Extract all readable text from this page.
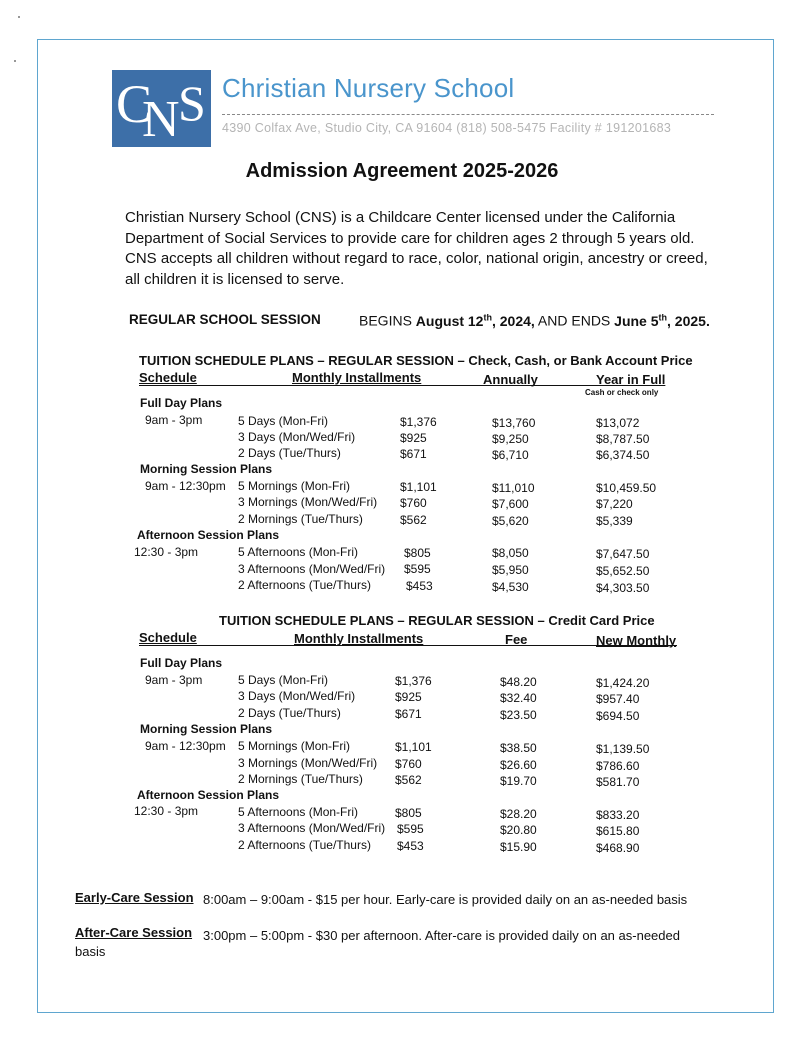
C
N
S Christian Nursery School
4390 Colfax Ave, Studio City, CA 91604 (818) 508-5475 Facility # 191201683
Admission Agreement 2025-2026
Christian Nursery School (CNS) is a Childcare Center licensed under the California Department of Social Services to provide care for children ages 2 through 5 years old. CNS accepts all children without regard to race, color, national origin, ancestry or creed, all children it is licensed to serve.
REGULAR SCHOOL SESSION	BEGINS August 12th, 2024, AND ENDS June 5th, 2025.
TUITION SCHEDULE PLANS – REGULAR SESSION – Check, Cash, or Bank Account Price
Schedule	Monthly Installments	Annually	Year in Full
Cash or check only
Full Day Plans
9am - 3pm	5 Days (Mon-Fri)	$1,376	$13,760	$13,072
3 Days (Mon/Wed/Fri)	$925	$9,250	$8,787.50
2 Days (Tue/Thurs)	$671	$6,710	$6,374.50
Morning Session Plans
9am - 12:30pm 5 Mornings (Mon-Fri)	$1,101	$11,010	$10,459.50
3 Mornings (Mon/Wed/Fri) $760	$7,600	$7,220
2 Mornings (Tue/Thurs)	$562	$5,620	$5,339
Afternoon Session Plans
12:30 - 3pm	5 Afternoons (Mon-Fri)	$805	$8,050	$7,647.50
3 Afternoons (Mon/Wed/Fri) $595	$5,950	$5,652.50
2 Afternoons (Tue/Thurs)	$453	$4,530	$4,303.50
TUITION SCHEDULE PLANS – REGULAR SESSION – Credit Card Price
Schedule	Monthly Installments	Fee	New Monthly
Full Day Plans
9am - 3pm	5 Days (Mon-Fri)	$1,376	$48.20	$1,424.20
3 Days (Mon/Wed/Fri)	$925	$32.40	$957.40
2 Days (Tue/Thurs)	$671	$23.50	$694.50
Morning Session Plans
9am - 12:30pm 5 Mornings (Mon-Fri)	$1,101	$38.50	$1,139.50
3 Mornings (Mon/Wed/Fri) $760	$26.60	$786.60
2 Mornings (Tue/Thurs)	$562	$19.70	$581.70
Afternoon Session Plans
12:30 - 3pm	5 Afternoons (Mon-Fri)	$805	$28.20	$833.20
3 Afternoons (Mon/Wed/Fri) $595	$20.80	$615.80
2 Afternoons (Tue/Thurs) $453	$15.90	$468.90
Early-Care Session 8:00am – 9:00am - $15 per hour. Early-care is provided daily on an as-needed basis
After-Care Session 3:00pm – 5:00pm - $30 per afternoon. After-care is provided daily on an as-needed
basis
